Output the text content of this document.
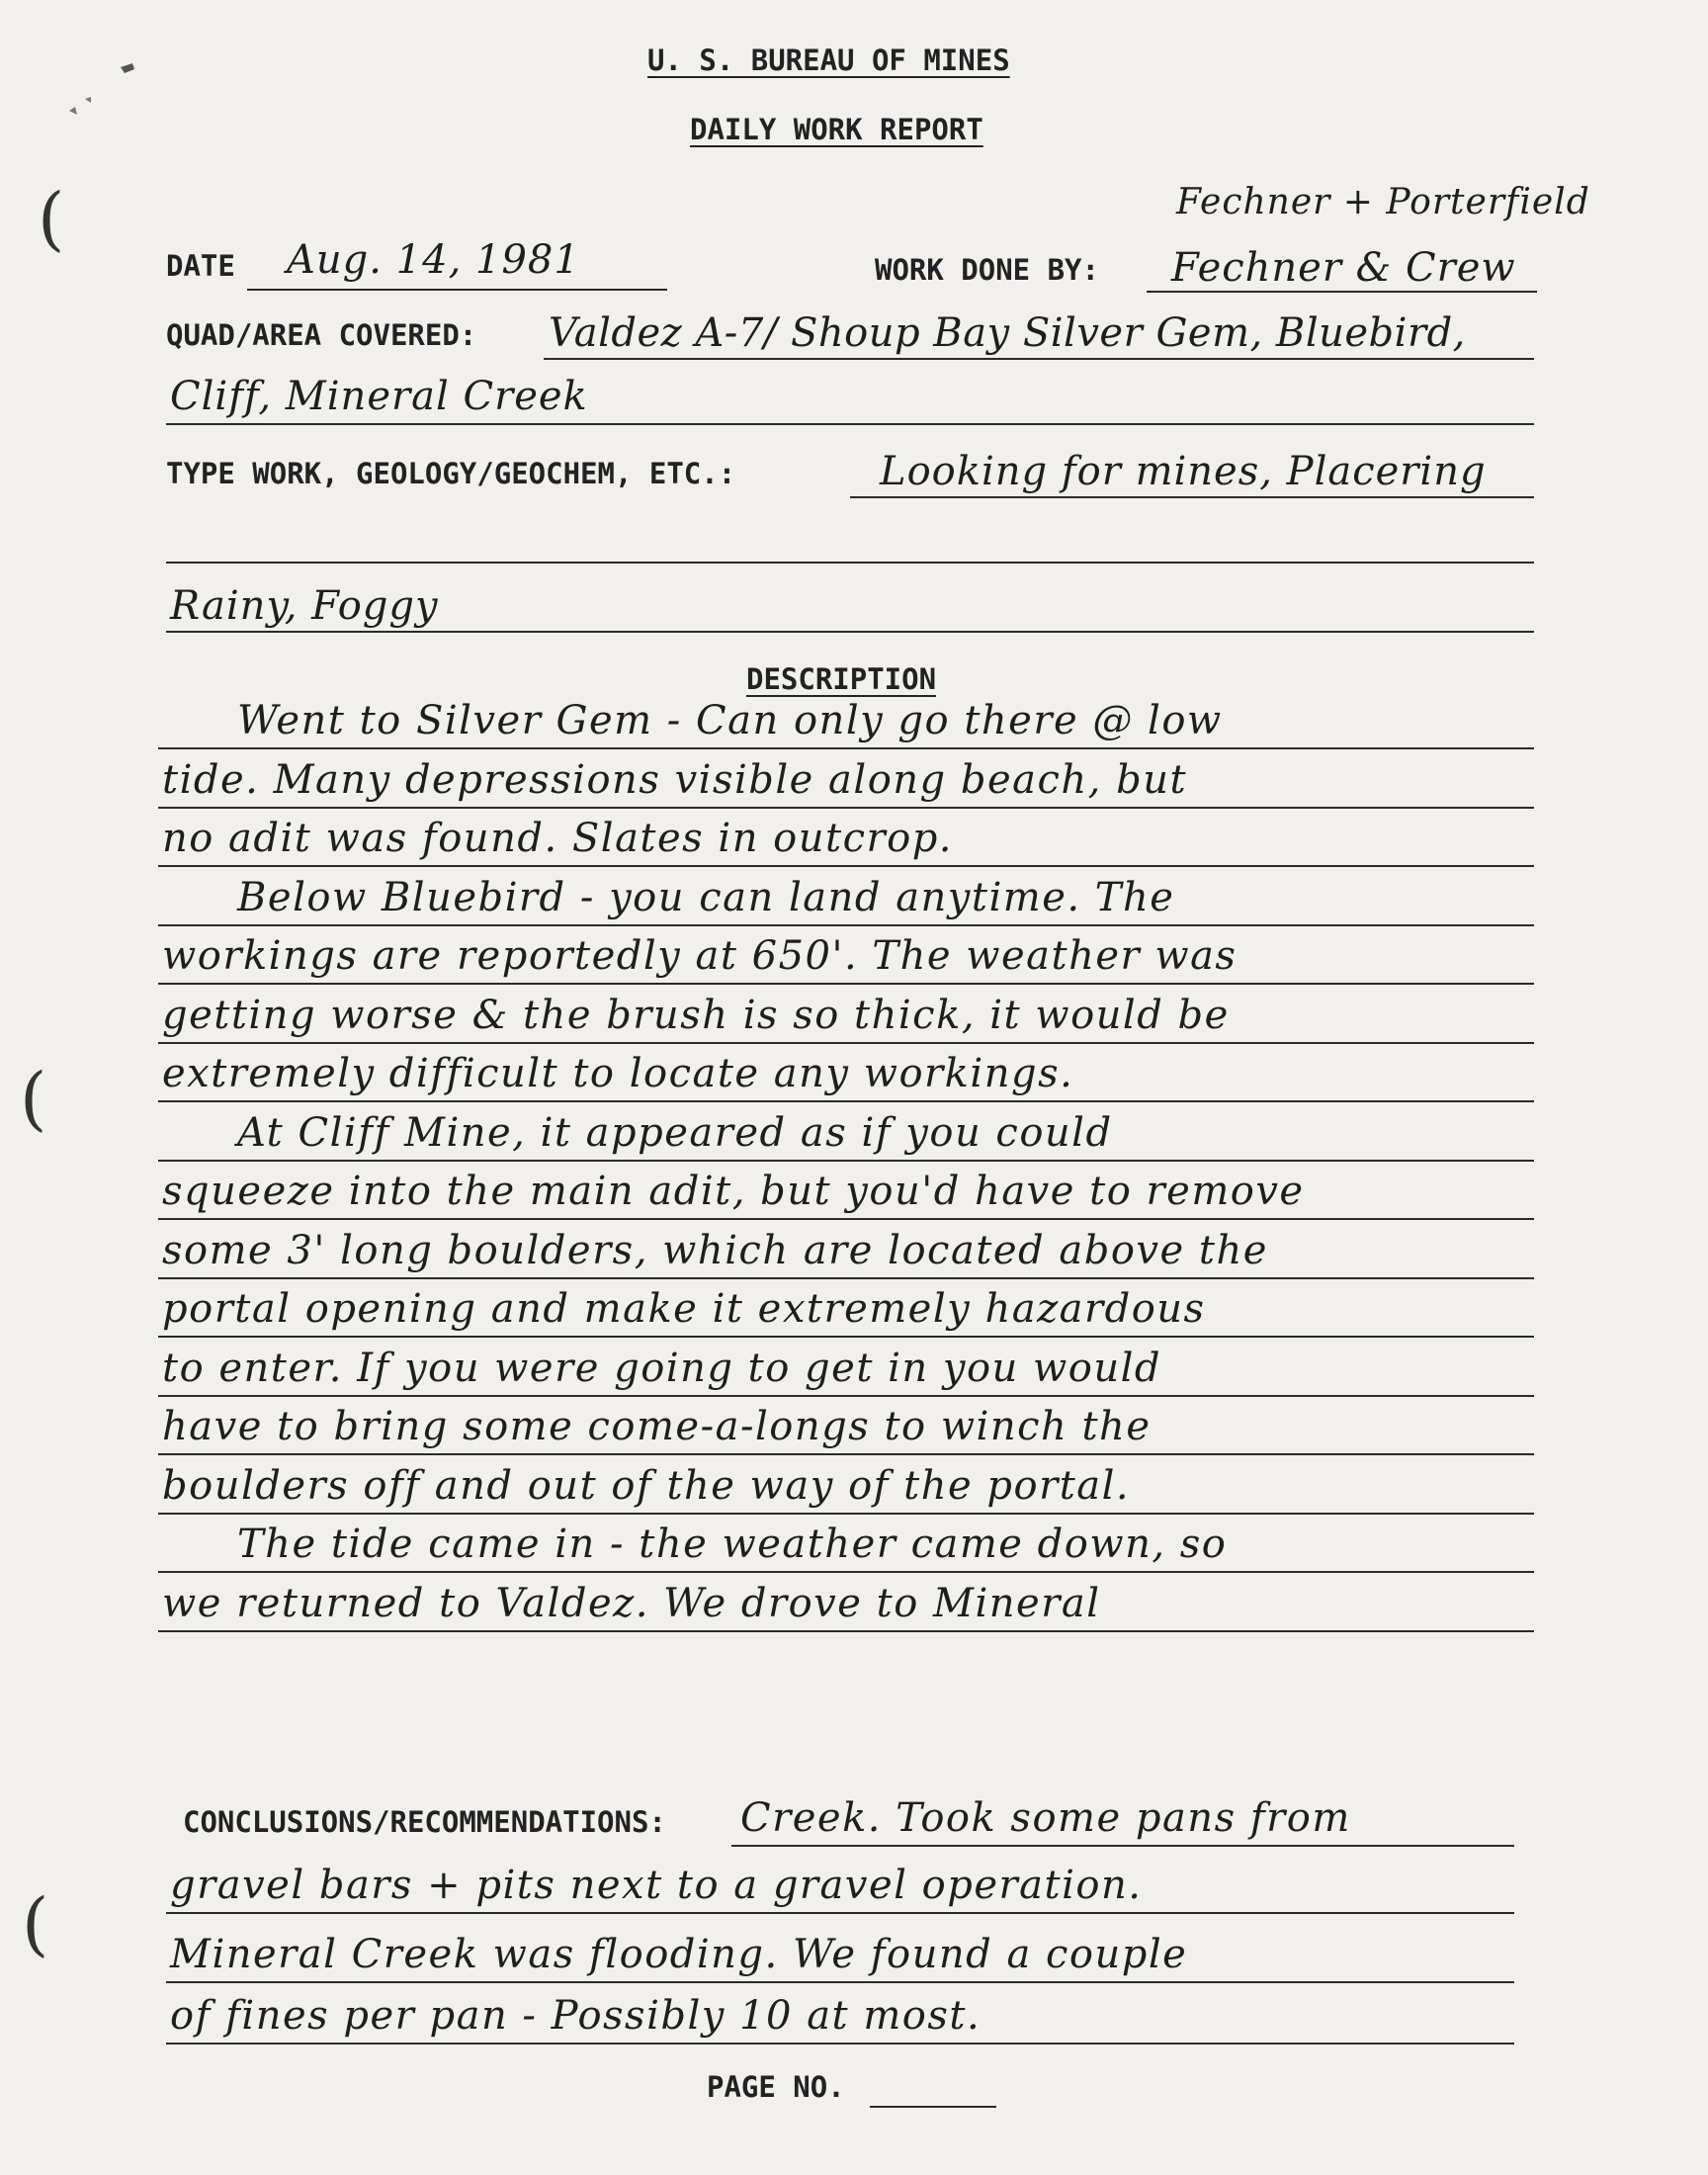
(
(
(
U. S. BUREAU OF MINES
DAILY WORK REPORT
Fechner + Porterfield
DATE Aug. 14, 1981	WORK DONE BY: Fechner & Crew
QUAD/AREA COVERED: Valdez A-7/ Shoup Bay Silver Gem, Bluebird,
Cliff, Mineral Creek
TYPE WORK, GEOLOGY/GEOCHEM, ETC.:	Looking for mines, Placering
Rainy, Foggy
DESCRIPTION
Went to Silver Gem - Can only go there @ low
tide. Many depressions visible along beach, but
no adit was found. Slates in outcrop.
Below Bluebird - you can land anytime. The
workings are reportedly at 650'. The weather was
getting worse & the brush is so thick, it would be
extremely difficult to locate any workings.
At Cliff Mine, it appeared as if you could
squeeze into the main adit, but you'd have to remove
some 3' long boulders, which are located above the
portal opening and make it extremely hazardous
to enter. If you were going to get in you would
have to bring some come-a-longs to winch the
boulders off and out of the way of the portal.
The tide came in - the weather came down, so
we returned to Valdez. We drove to Mineral
CONCLUSIONS/RECOMMENDATIONS: Creek. Took some pans from
gravel bars + pits next to a gravel operation.
Mineral Creek was flooding. We found a couple
of fines per pan - Possibly 10 at most.
PAGE NO.
